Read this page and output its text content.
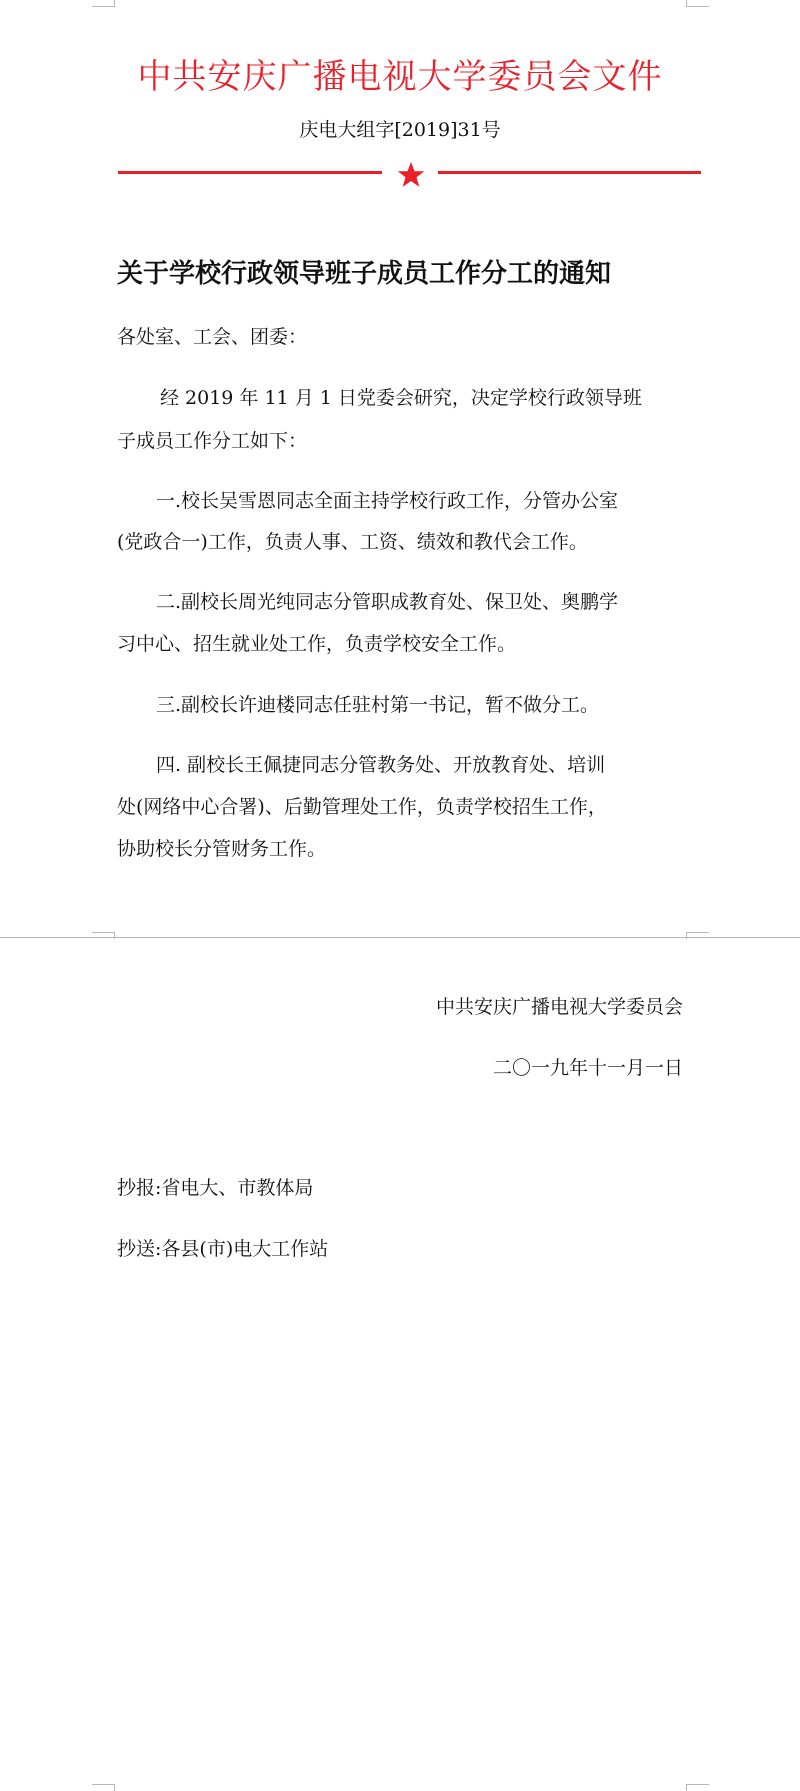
中共安庆广播电视大学委员会文件
庆电大组字[2019]31号
关于学校行政领导班子成员工作分工的通知
各处室、工会、团委：
经 2019 年 11 月 1 日党委会研究，决定学校行政领导班
子成员工作分工如下：
一.校长吴雪恩同志全面主持学校行政工作，分管办公室
(党政合一)工作，负责人事、工资、绩效和教代会工作。
二.副校长周光纯同志分管职成教育处、保卫处、奥鹏学
习中心、招生就业处工作，负责学校安全工作。
三.副校长许迪楼同志任驻村第一书记，暂不做分工。
四. 副校长王佩捷同志分管教务处、开放教育处、培训
处(网络中心合署)、后勤管理处工作，负责学校招生工作，
协助校长分管财务工作。
中共安庆广播电视大学委员会
二〇一九年十一月一日
抄报:省电大、市教体局
抄送:各县(市)电大工作站
